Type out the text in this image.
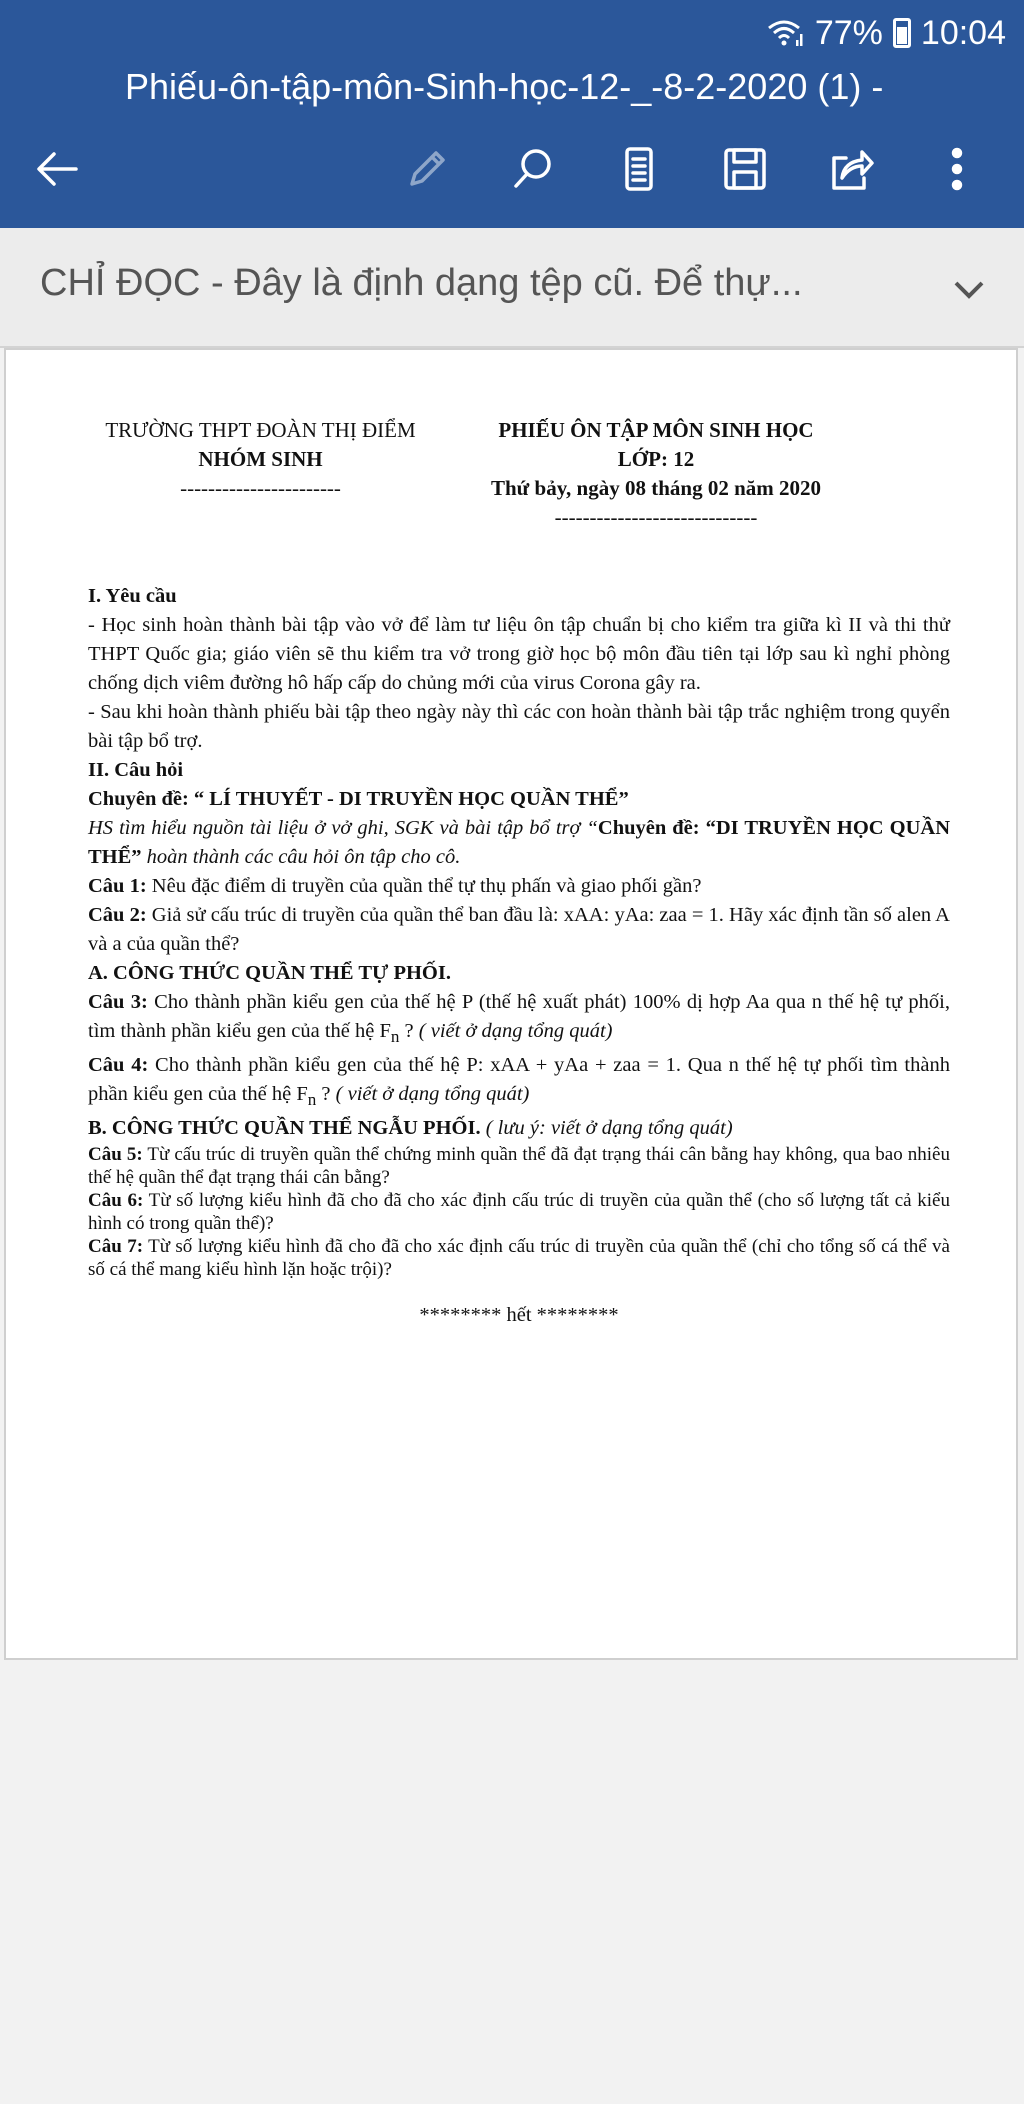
77% 10:04
Phiếu-ôn-tập-môn-Sinh-học-12-_-8-2-2020 (1) -
CHỈ ĐỌC - Đây là định dạng tệp cũ. Để thự...
TRƯỜNG THPT ĐOÀN THỊ ĐIỂM
NHÓM SINH
-----------------------
PHIẾU ÔN TẬP MÔN SINH HỌC
LỚP: 12
Thứ bảy, ngày 08 tháng 02 năm 2020
-----------------------------
I. Yêu cầu

- Học sinh hoàn thành bài tập vào vở để làm tư liệu ôn tập chuẩn bị cho kiểm tra giữa kì II và thi thử THPT Quốc gia; giáo viên sẽ thu kiểm tra vở trong giờ học bộ môn đầu tiên tại lớp sau kì nghỉ phòng chống dịch viêm đường hô hấp cấp do chủng mới của virus Corona gây ra.

- Sau khi hoàn thành phiếu bài tập theo ngày này thì các con hoàn thành bài tập trắc nghiệm trong quyển bài tập bổ trợ.

II. Câu hỏi
Chuyên đề: “ LÍ THUYẾT - DI TRUYỀN HỌC QUẦN THỂ”

HS tìm hiểu nguồn tài liệu ở vở ghi, SGK và bài tập bổ trợ “Chuyên đề: “DI TRUYỀN HỌC QUẦN THỂ” hoàn thành các câu hỏi ôn tập cho cô.

Câu 1: Nêu đặc điểm di truyền của quần thể tự thụ phấn và giao phối gần?

Câu 2: Giả sử cấu trúc di truyền của quần thể ban đầu là: xAA: yAa: zaa = 1. Hãy xác định tần số alen A và a của quần thể?

A. CÔNG THỨC QUẦN THỂ TỰ PHỐI.

Câu 3: Cho thành phần kiểu gen của thế hệ P (thế hệ xuất phát) 100% dị hợp Aa qua n thế hệ tự phối, tìm thành phần kiểu gen của thế hệ $F_n$ ? ( viết ở dạng tổng quát)

Câu 4: Cho thành phần kiểu gen của thế hệ P: xAA + yAa + zaa = 1. Qua n thế hệ tự phối tìm thành phần kiểu gen của thế hệ $F_n$ ? ( viết ở dạng tổng quát)

B. CÔNG THỨC QUẦN THỂ NGẪU PHỐI. ( lưu ý: viết ở dạng tổng quát)

Câu 5: Từ cấu trúc di truyền quần thể chứng minh quần thể đã đạt trạng thái cân bằng hay không, qua bao nhiêu thế hệ quần thể đạt trạng thái cân bằng?

Câu 6: Từ số lượng kiểu hình đã cho đã cho xác định cấu trúc di truyền của quần thể (cho số lượng tất cả kiểu hình có trong quần thể)?

Câu 7: Từ số lượng kiểu hình đã cho đã cho xác định cấu trúc di truyền của quần thể (chỉ cho tổng số cá thể và số cá thể mang kiểu hình lặn hoặc trội)?

******** hết ********
